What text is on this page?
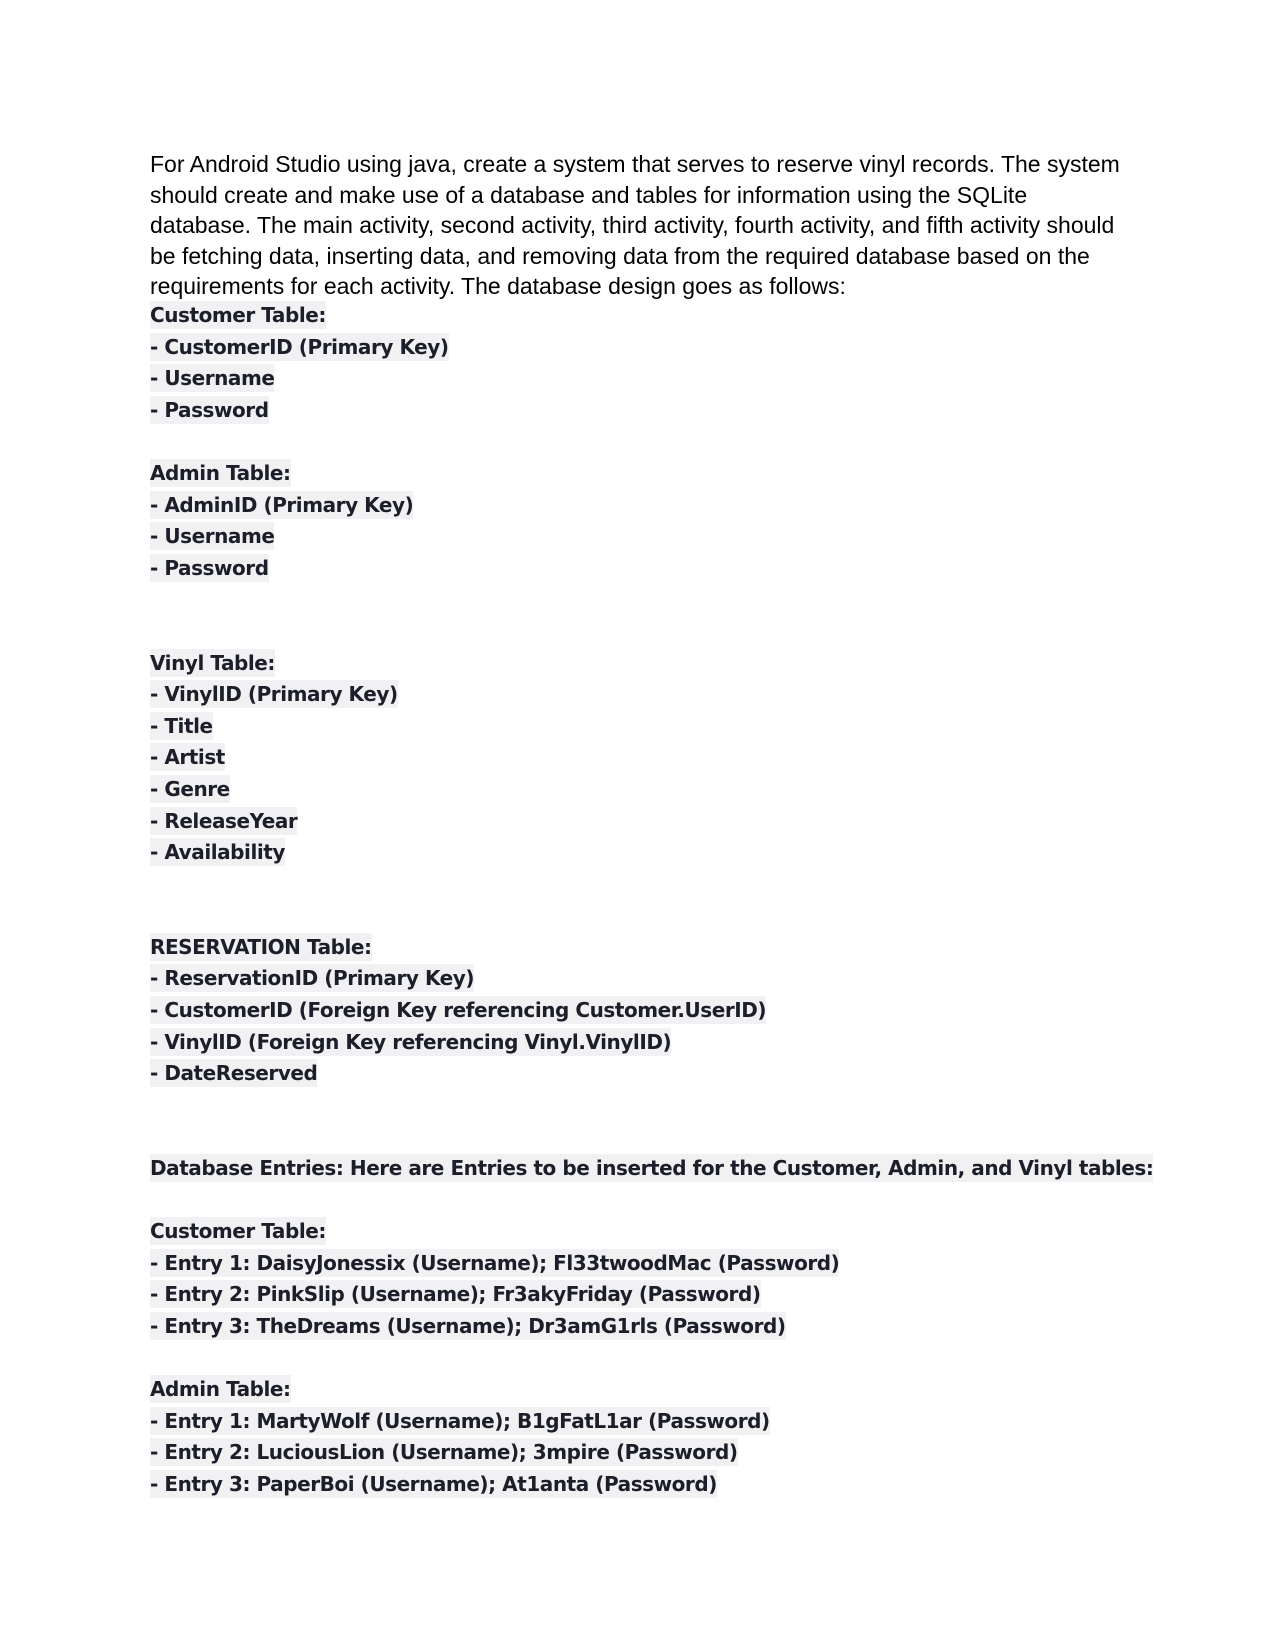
For Android Studio using java, create a system that serves to reserve vinyl records. The system should create and make use of a database and tables for information using the SQLite database. The main activity, second activity, third activity, fourth activity, and fifth activity should be fetching data, inserting data, and removing data from the required database based on the requirements for each activity. The database design goes as follows:

Customer Table:
- CustomerID (Primary Key)
- Username
- Password
Admin Table:
- AdminID (Primary Key)
- Username
- Password
Vinyl Table:
- VinylID (Primary Key)
- Title
- Artist
- Genre
- ReleaseYear
- Availability
RESERVATION Table:
- ReservationID (Primary Key)
- CustomerID (Foreign Key referencing Customer.UserID)
- VinylID (Foreign Key referencing Vinyl.VinylID)
- DateReserved
Database Entries: Here are Entries to be inserted for the Customer, Admin, and Vinyl tables:
Customer Table:
- Entry 1: DaisyJonessix (Username); Fl33twoodMac (Password)
- Entry 2: PinkSlip (Username); Fr3akyFriday (Password)
- Entry 3: TheDreams (Username); Dr3amG1rls (Password)
Admin Table:
- Entry 1: MartyWolf (Username); B1gFatL1ar (Password)
- Entry 2: LuciousLion (Username); 3mpire (Password)
- Entry 3: PaperBoi (Username); At1anta (Password)
